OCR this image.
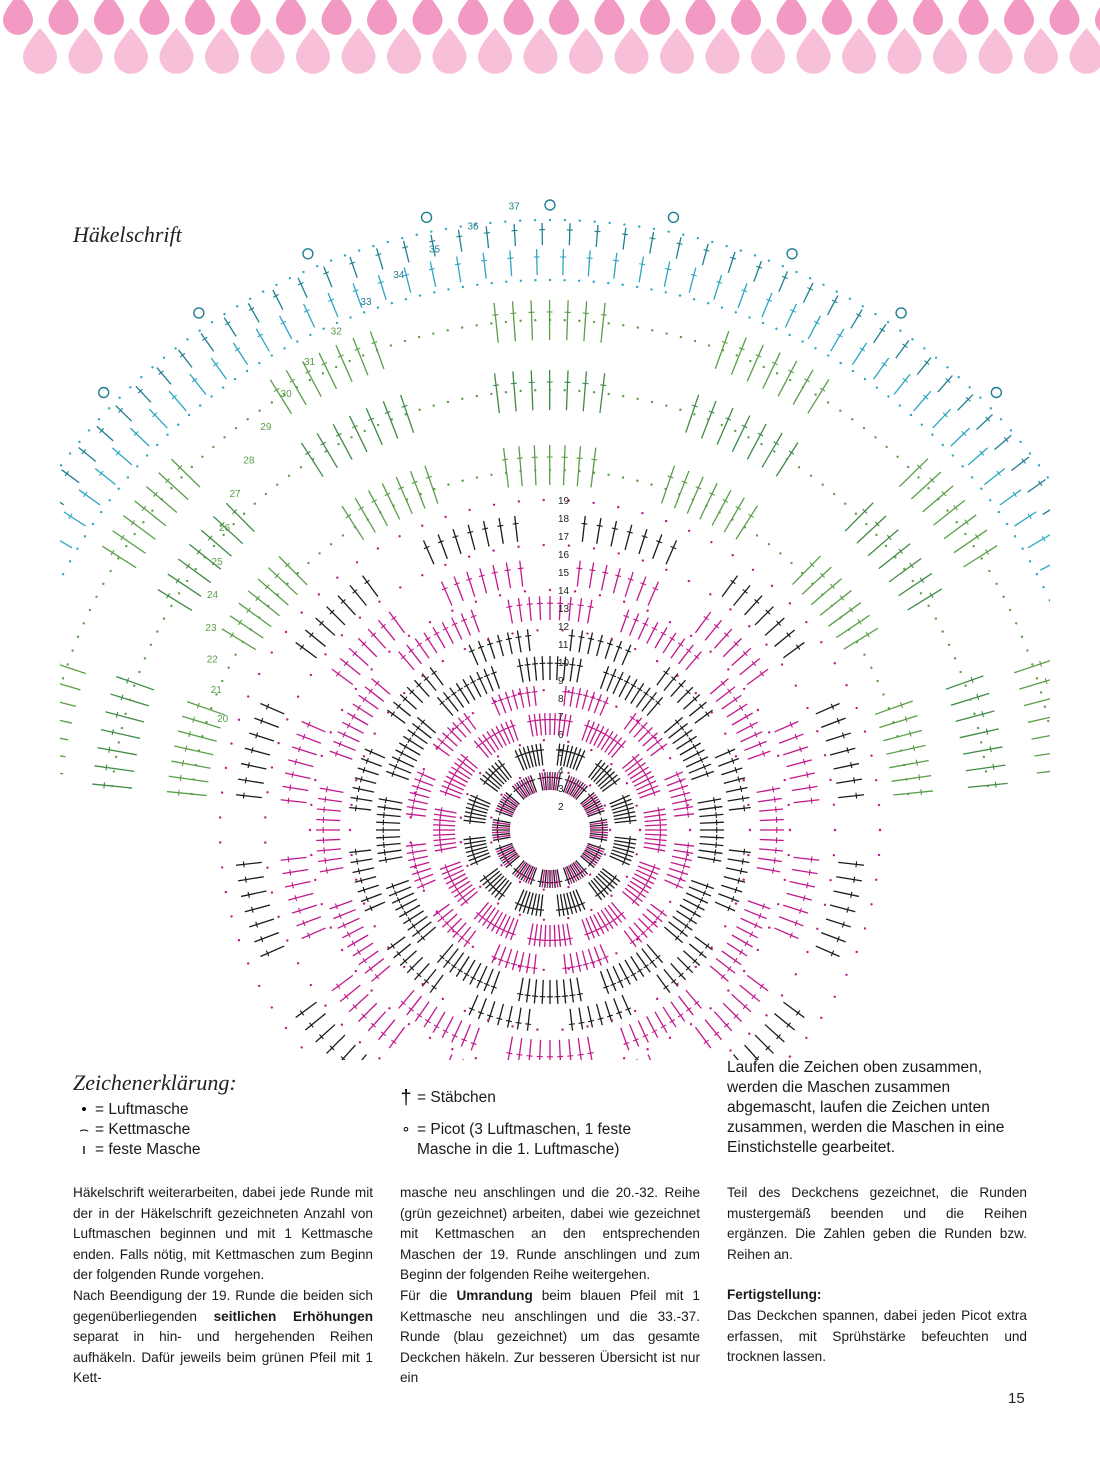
Häkelschrift
2
3
4
5
6
7
8
9
10
11
12
13
14
15
16
17
18
19
20
21
22
23
24
25
26
27
28
29
30
31
32
33
34
35
36
37
Zeichenerklärung:
• = Luftmasche
⌢ = Kettmasche
ı = feste Masche
† = Stäbchen
∘ = Picot (3 Luftmaschen, 1 feste
Masche in die 1. Luftmasche)
Laufen die Zeichen oben zusammen, werden die Maschen zusammen abgemascht, laufen die Zeichen unten zusammen, werden die Maschen in eine Einstichstelle gearbeitet.

Häkelschrift weiterarbeiten, dabei jede Runde mit der in der Häkelschrift gezeichneten Anzahl von Luftmaschen beginnen und mit 1 Kettmasche enden. Falls nötig, mit Kettmaschen zum Beginn der folgenden Runde vorgehen.

Nach Beendigung der 19. Runde die beiden sich gegenüberliegenden seitlichen Erhöhungen separat in hin- und hergehenden Reihen aufhäkeln. Dafür jeweils beim grünen Pfeil mit 1 Kett-

masche neu anschlingen und die 20.-32. Reihe (grün gezeichnet) arbeiten, dabei wie gezeichnet mit Kettmaschen an den entsprechenden Maschen der 19. Runde anschlingen und zum Beginn der folgenden Reihe weitergehen.

Für die Umrandung beim blauen Pfeil mit 1 Kettmasche neu anschlingen und die 33.-37. Runde (blau gezeichnet) um das gesamte Deckchen häkeln. Zur besseren Übersicht ist nur ein

Teil des Deckchens gezeichnet, die Runden mustergemäß beenden und die Reihen ergänzen. Die Zahlen geben die Runden bzw. Reihen an.

Fertigstellung:

Das Deckchen spannen, dabei jeden Picot extra erfassen, mit Sprühstärke befeuchten und trocknen lassen.

15
